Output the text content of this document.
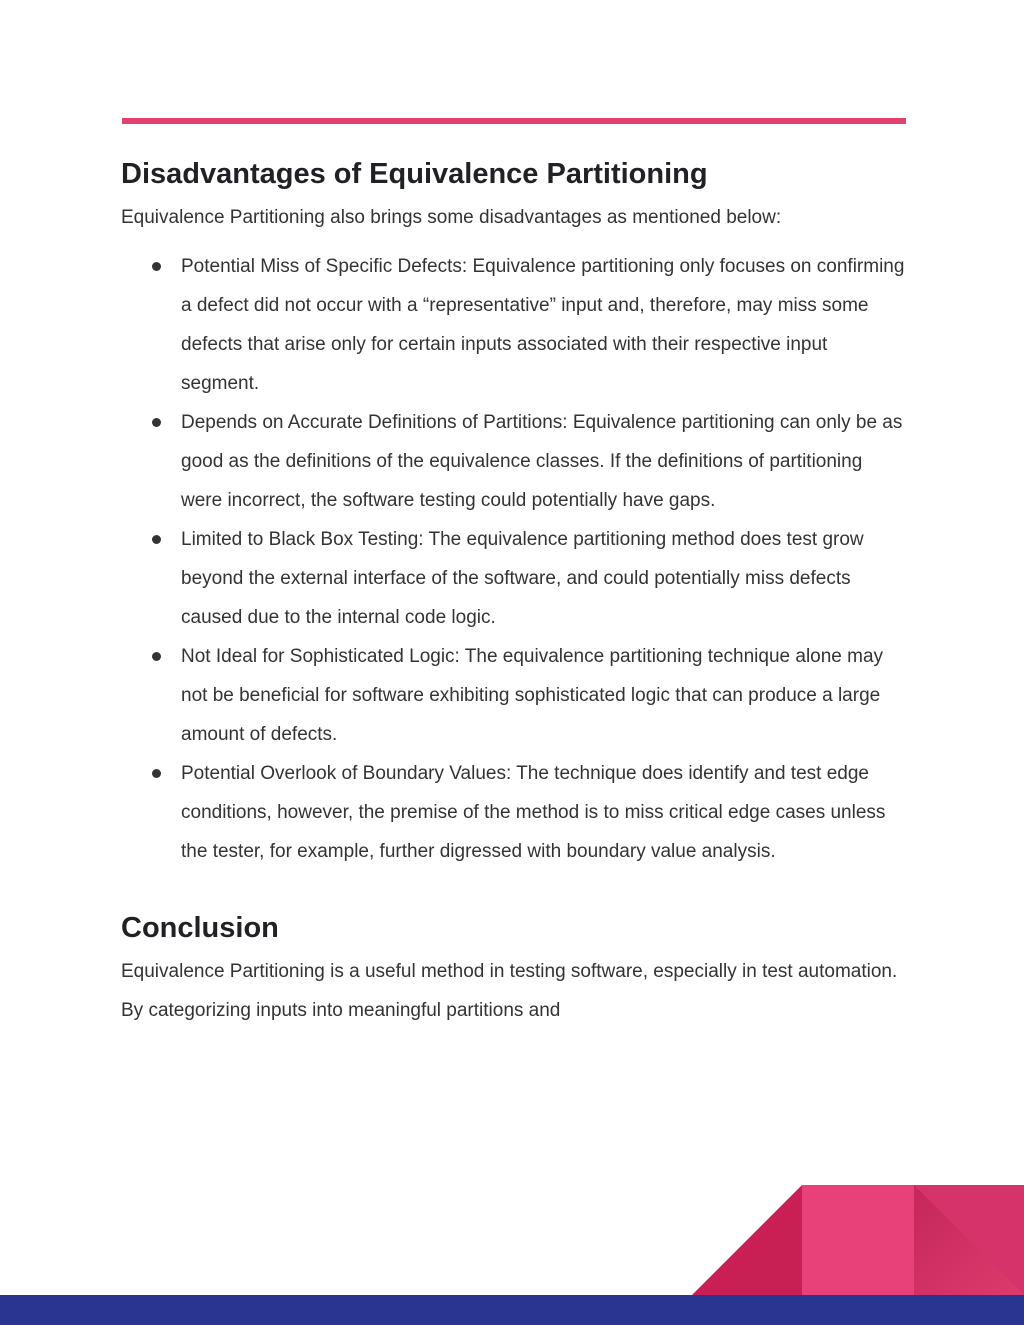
Disadvantages of Equivalence Partitioning

Equivalence Partitioning also brings some disadvantages as mentioned below:

Potential Miss of Specific Defects: Equivalence partitioning only focuses on confirming a defect did not occur with a “representative” input and, therefore, may miss some defects that arise only for certain inputs associated with their respective input segment.
Depends on Accurate Definitions of Partitions: Equivalence partitioning can only be as good as the definitions of the equivalence classes. If the definitions of partitioning were incorrect, the software testing could potentially have gaps.
Limited to Black Box Testing: The equivalence partitioning method does test grow beyond the external interface of the software, and could potentially miss defects caused due to the internal code logic.
Not Ideal for Sophisticated Logic: The equivalence partitioning technique alone may not be beneficial for software exhibiting sophisticated logic that can produce a large amount of defects.
Potential Overlook of Boundary Values: The technique does identify and test edge conditions, however, the premise of the method is to miss critical edge cases unless the tester, for example, further digressed with boundary value analysis.
Conclusion

Equivalence Partitioning is a useful method in testing software, especially in test automation. By categorizing inputs into meaningful partitions and
